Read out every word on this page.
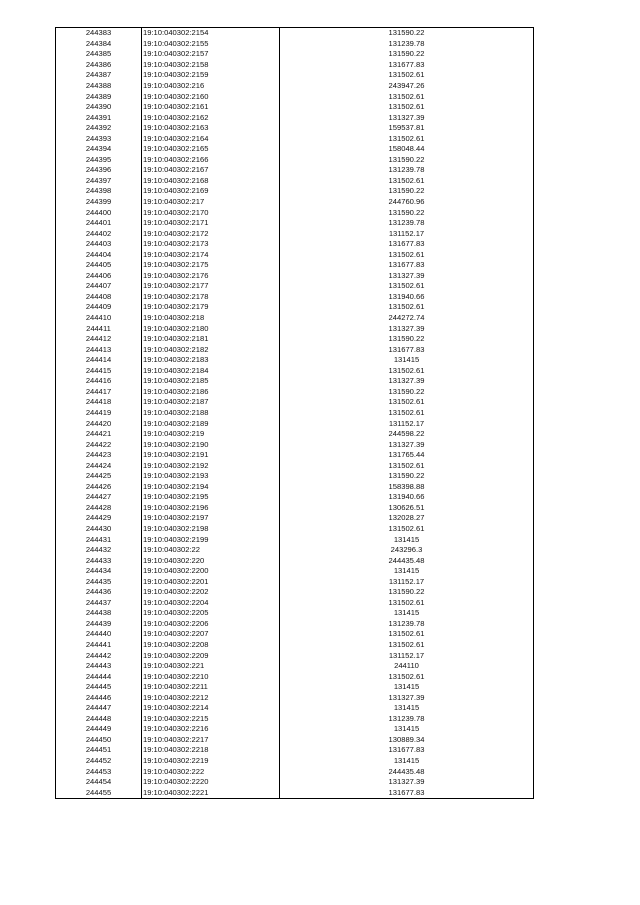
244383	19:10:040302:2154	131590.22
244384	19:10:040302:2155	131239.78
244385	19:10:040302:2157	131590.22
244386	19:10:040302:2158	131677.83
244387	19:10:040302:2159	131502.61
244388	19:10:040302:216	243947.26
244389	19:10:040302:2160	131502.61
244390	19:10:040302:2161	131502.61
244391	19:10:040302:2162	131327.39
244392	19:10:040302:2163	159537.81
244393	19:10:040302:2164	131502.61
244394	19:10:040302:2165	158048.44
244395	19:10:040302:2166	131590.22
244396	19:10:040302:2167	131239.78
244397	19:10:040302:2168	131502.61
244398	19:10:040302:2169	131590.22
244399	19:10:040302:217	244760.96
244400	19:10:040302:2170	131590.22
244401	19:10:040302:2171	131239.78
244402	19:10:040302:2172	131152.17
244403	19:10:040302:2173	131677.83
244404	19:10:040302:2174	131502.61
244405	19:10:040302:2175	131677.83
244406	19:10:040302:2176	131327.39
244407	19:10:040302:2177	131502.61
244408	19:10:040302:2178	131940.66
244409	19:10:040302:2179	131502.61
244410	19:10:040302:218	244272.74
244411	19:10:040302:2180	131327.39
244412	19:10:040302:2181	131590.22
244413	19:10:040302:2182	131677.83
244414	19:10:040302:2183	131415
244415	19:10:040302:2184	131502.61
244416	19:10:040302:2185	131327.39
244417	19:10:040302:2186	131590.22
244418	19:10:040302:2187	131502.61
244419	19:10:040302:2188	131502.61
244420	19:10:040302:2189	131152.17
244421	19:10:040302:219	244598.22
244422	19:10:040302:2190	131327.39
244423	19:10:040302:2191	131765.44
244424	19:10:040302:2192	131502.61
244425	19:10:040302:2193	131590.22
244426	19:10:040302:2194	158398.88
244427	19:10:040302:2195	131940.66
244428	19:10:040302:2196	130626.51
244429	19:10:040302:2197	132028.27
244430	19:10:040302:2198	131502.61
244431	19:10:040302:2199	131415
244432	19:10:040302:22	243296.3
244433	19:10:040302:220	244435.48
244434	19:10:040302:2200	131415
244435	19:10:040302:2201	131152.17
244436	19:10:040302:2202	131590.22
244437	19:10:040302:2204	131502.61
244438	19:10:040302:2205	131415
244439	19:10:040302:2206	131239.78
244440	19:10:040302:2207	131502.61
244441	19:10:040302:2208	131502.61
244442	19:10:040302:2209	131152.17
244443	19:10:040302:221	244110
244444	19:10:040302:2210	131502.61
244445	19:10:040302:2211	131415
244446	19:10:040302:2212	131327.39
244447	19:10:040302:2214	131415
244448	19:10:040302:2215	131239.78
244449	19:10:040302:2216	131415
244450	19:10:040302:2217	130889.34
244451	19:10:040302:2218	131677.83
244452	19:10:040302:2219	131415
244453	19:10:040302:222	244435.48
244454	19:10:040302:2220	131327.39
244455	19:10:040302:2221	131677.83
